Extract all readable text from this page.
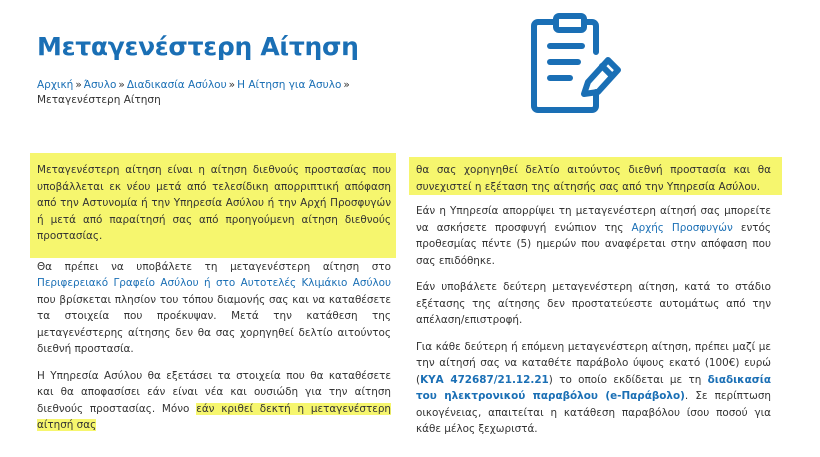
Μεταγενέστερη Αίτηση
Αρχική » Άσυλο » Διαδικασία Ασύλου » Η Αίτηση για Άσυλο »
Μεταγενέστερη Αίτηση

Μεταγενέστερη αίτηση είναι η αίτηση διεθνούς προστασίας που υποβάλλεται εκ νέου μετά από τελεσίδικη απορριπτική απόφαση από την Αστυνομία ή την Υπηρεσία Ασύλου ή την Αρχή Προσφυγών ή μετά από παραίτησή σας από προηγούμενη αίτηση διεθνούς προστασίας.

Θα πρέπει να υποβάλετε τη μεταγενέστερη αίτηση στο Περιφερειακό Γραφείο Ασύλου ή στο Αυτοτελές Κλιμάκιο Ασύλου που βρίσκεται πλησίον του τόπου διαμονής σας και να καταθέσετε τα στοιχεία που προέκυψαν. Μετά την κατάθεση της μεταγενέστερης αίτησης δεν θα σας χορηγηθεί δελτίο αιτούντος διεθνή προστασία.

Η Υπηρεσία Ασύλου θα εξετάσει τα στοιχεία που θα καταθέσετε και θα αποφασίσει εάν είναι νέα και ουσιώδη για την αίτηση διεθνούς προστασίας. Μόνο εάν κριθεί δεκτή η μεταγενέστερη αίτησή σας

θα σας χορηγηθεί δελτίο αιτούντος διεθνή προστασία και θα συνεχιστεί η εξέταση της αίτησής σας από την Υπηρεσία Ασύλου.

Εάν η Υπηρεσία απορρίψει τη μεταγενέστερη αίτησή σας μπορείτε να ασκήσετε προσφυγή ενώπιον της Αρχής Προσφυγών εντός προθεσμίας πέντε (5) ημερών που αναφέρεται στην απόφαση που σας επιδόθηκε.

Εάν υποβάλετε δεύτερη μεταγενέστερη αίτηση, κατά το στάδιο εξέτασης της αίτησης δεν προστατεύεστε αυτομάτως από την απέλαση/επιστροφή.

Για κάθε δεύτερη ή επόμενη μεταγενέστερη αίτηση, πρέπει μαζί με την αίτησή σας να καταθέτε παράβολο ύψους εκατό (100€) ευρώ (ΚΥΑ 472687/21.12.21) το οποίο εκδίδεται με τη διαδικασία του ηλεκτρονικού παραβόλου (e-Παράβολο). Σε περίπτωση οικογένειας, απαιτείται η κατάθεση παραβόλου ίσου ποσού για κάθε μέλος ξεχωριστά.
